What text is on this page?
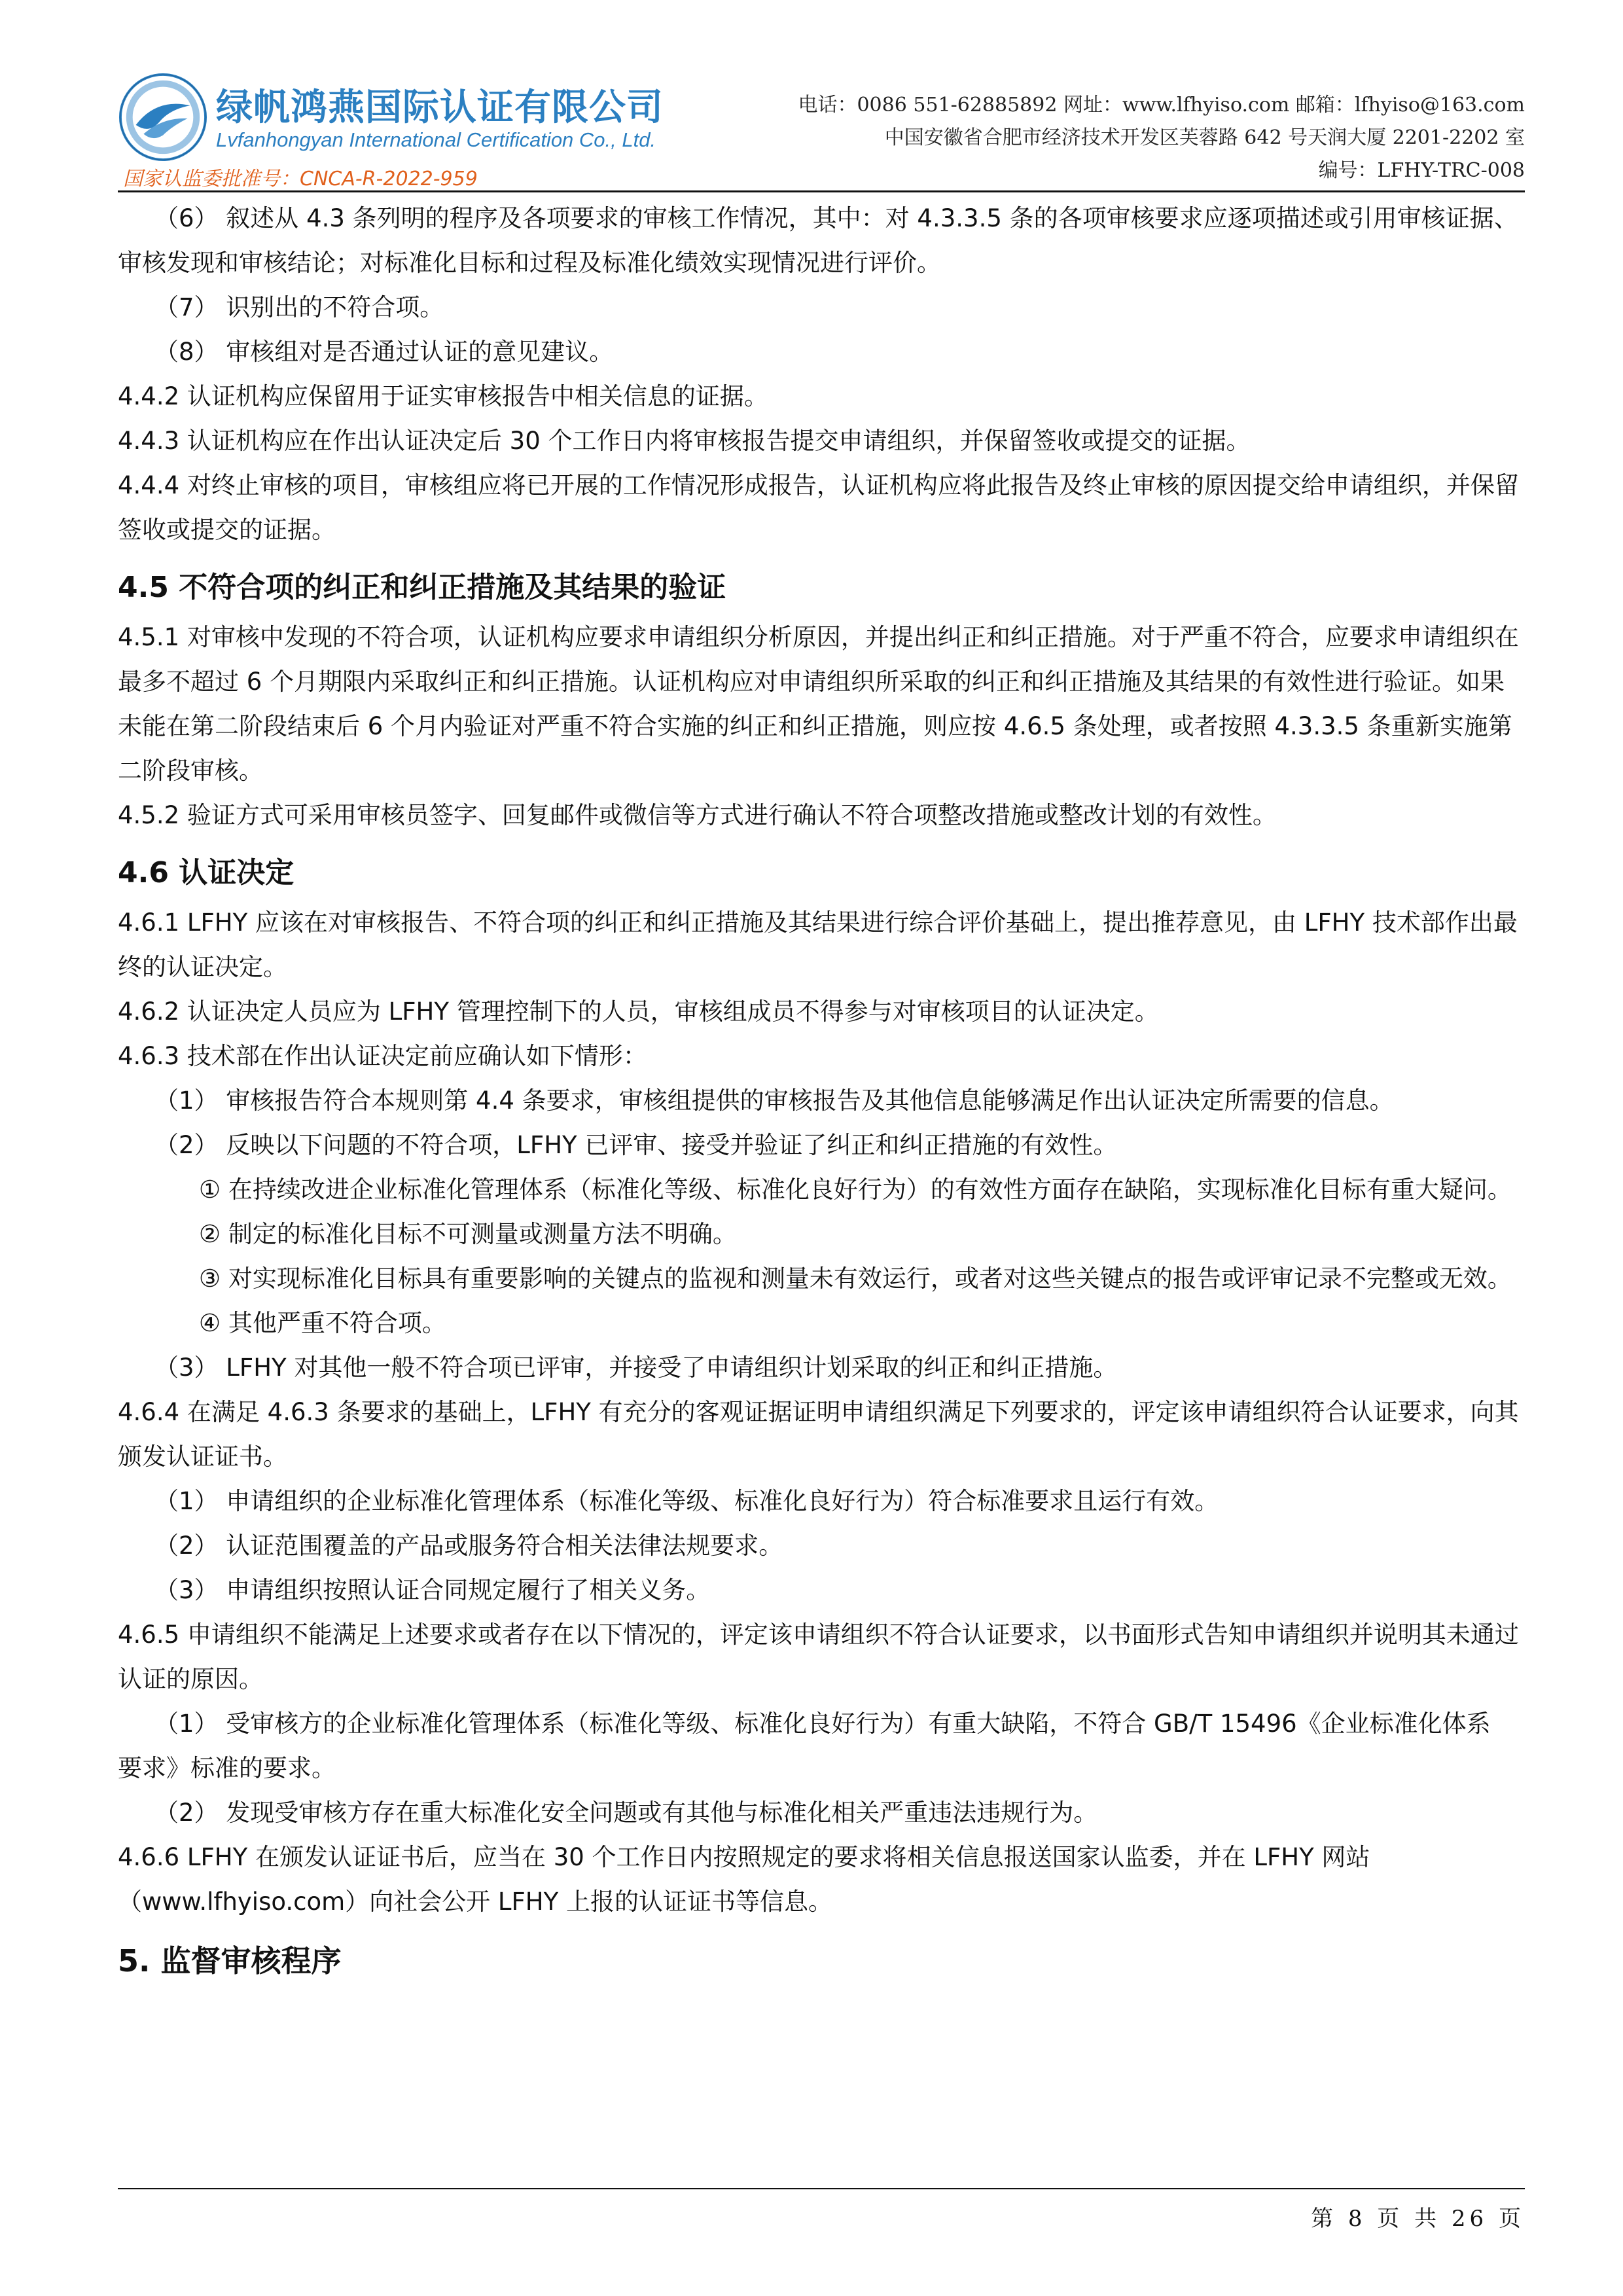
绿帆鸿燕国际认证有限公司
Lvfanhongyan International Certification Co., Ltd.
国家认监委批准号：CNCA-R-2022-959
电话：0086 551-62885892 网址：www.lfhyiso.com 邮箱：lfhyiso@163.com
中国安徽省合肥市经济技术开发区芙蓉路 642 号天润大厦 2201-2202 室
编号：LFHY-TRC-008

（6） 叙述从 4.3 条列明的程序及各项要求的审核工作情况，其中：对 4.3.3.5 条的各项审核要求应逐项描述或引用审核证据、审核发现和审核结论；对标准化目标和过程及标准化绩效实现情况进行评价。

（7） 识别出的不符合项。

（8） 审核组对是否通过认证的意见建议。

4.4.2 认证机构应保留用于证实审核报告中相关信息的证据。

4.4.3 认证机构应在作出认证决定后 30 个工作日内将审核报告提交申请组织，并保留签收或提交的证据。

4.4.4 对终止审核的项目，审核组应将已开展的工作情况形成报告，认证机构应将此报告及终止审核的原因提交给申请组织，并保留签收或提交的证据。

4.5 不符合项的纠正和纠正措施及其结果的验证

4.5.1 对审核中发现的不符合项，认证机构应要求申请组织分析原因，并提出纠正和纠正措施。对于严重不符合，应要求申请组织在最多不超过 6 个月期限内采取纠正和纠正措施。认证机构应对申请组织所采取的纠正和纠正措施及其结果的有效性进行验证。如果未能在第二阶段结束后 6 个月内验证对严重不符合实施的纠正和纠正措施，则应按 4.6.5 条处理，或者按照 4.3.3.5 条重新实施第二阶段审核。

4.5.2 验证方式可采用审核员签字、回复邮件或微信等方式进行确认不符合项整改措施或整改计划的有效性。

4.6 认证决定

4.6.1 LFHY 应该在对审核报告、不符合项的纠正和纠正措施及其结果进行综合评价基础上，提出推荐意见，由 LFHY 技术部作出最终的认证决定。

4.6.2 认证决定人员应为 LFHY 管理控制下的人员，审核组成员不得参与对审核项目的认证决定。

4.6.3 技术部在作出认证决定前应确认如下情形：

（1） 审核报告符合本规则第 4.4 条要求，审核组提供的审核报告及其他信息能够满足作出认证决定所需要的信息。

（2） 反映以下问题的不符合项，LFHY 已评审、接受并验证了纠正和纠正措施的有效性。

① 在持续改进企业标准化管理体系（标准化等级、标准化良好行为）的有效性方面存在缺陷，实现标准化目标有重大疑问。

② 制定的标准化目标不可测量或测量方法不明确。

③ 对实现标准化目标具有重要影响的关键点的监视和测量未有效运行，或者对这些关键点的报告或评审记录不完整或无效。

④ 其他严重不符合项。

（3） LFHY 对其他一般不符合项已评审，并接受了申请组织计划采取的纠正和纠正措施。

4.6.4 在满足 4.6.3 条要求的基础上，LFHY 有充分的客观证据证明申请组织满足下列要求的，评定该申请组织符合认证要求，向其颁发认证证书。

（1） 申请组织的企业标准化管理体系（标准化等级、标准化良好行为）符合标准要求且运行有效。

（2） 认证范围覆盖的产品或服务符合相关法律法规要求。

（3） 申请组织按照认证合同规定履行了相关义务。

4.6.5 申请组织不能满足上述要求或者存在以下情况的，评定该申请组织不符合认证要求，以书面形式告知申请组织并说明其未通过认证的原因。

（1） 受审核方的企业标准化管理体系（标准化等级、标准化良好行为）有重大缺陷，不符合 GB/T 15496《企业标准化体系　要求》标准的要求。

（2） 发现受审核方存在重大标准化安全问题或有其他与标准化相关严重违法违规行为。

4.6.6 LFHY 在颁发认证证书后，应当在 30 个工作日内按照规定的要求将相关信息报送国家认监委，并在 LFHY 网站（www.lfhyiso.com）向社会公开 LFHY 上报的认证证书等信息。

5. 监督审核程序
第 8 页 共 26 页
